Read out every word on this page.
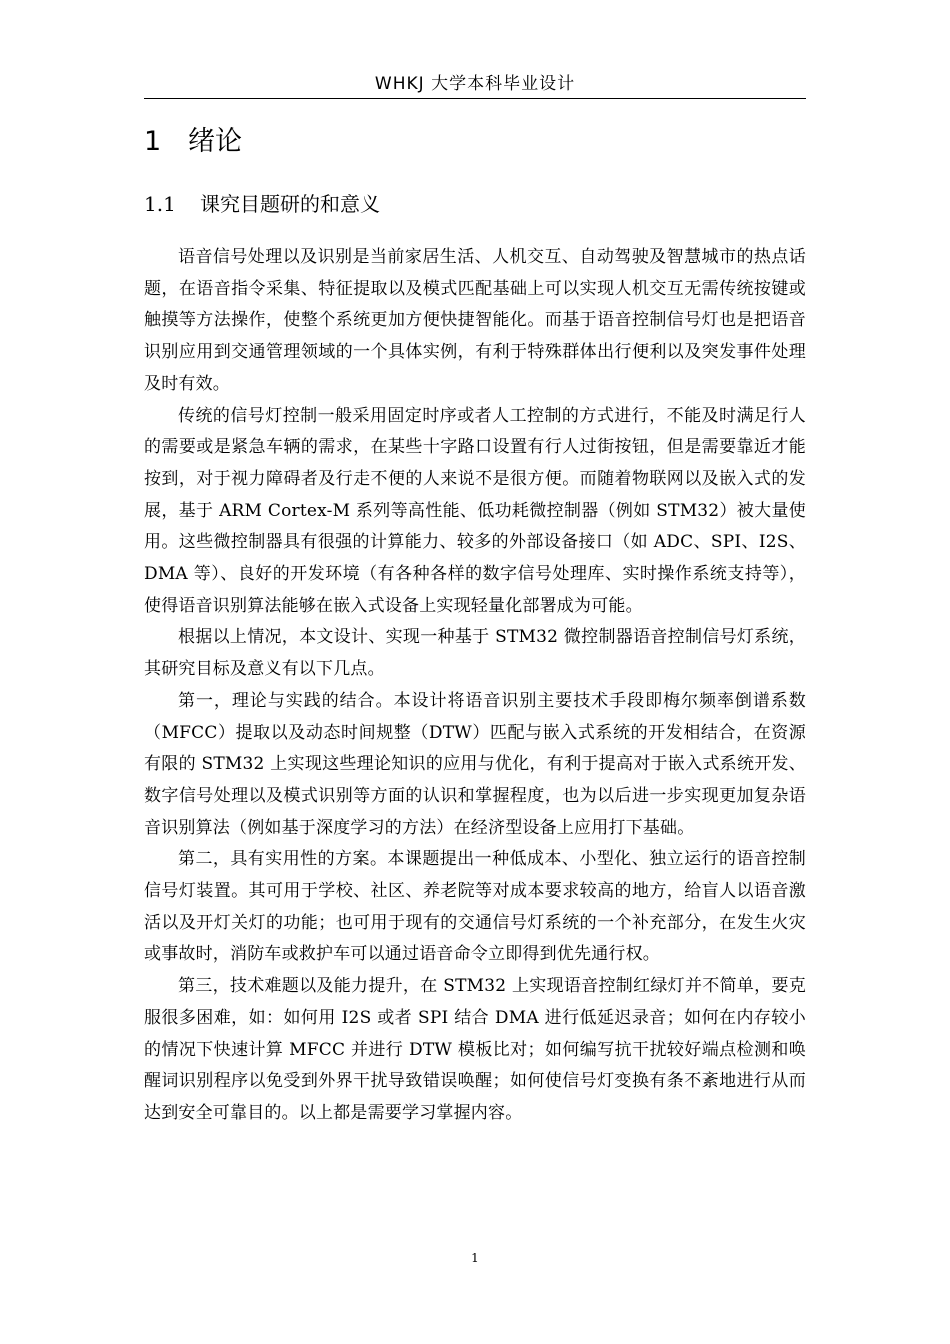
WHKJ 大学本科毕业设计
1 绪论
1.1 课究目题研的和意义

语音信号处理以及识别是当前家居生活、人机交互、自动驾驶及智慧城市的热点话题，在语音指令采集、特征提取以及模式匹配基础上可以实现人机交互无需传统按键或触摸等方法操作，使整个系统更加方便快捷智能化。而基于语音控制信号灯也是把语音识别应用到交通管理领域的一个具体实例，有利于特殊群体出行便利以及突发事件处理及时有效。

传统的信号灯控制一般采用固定时序或者人工控制的方式进行，不能及时满足行人的需要或是紧急车辆的需求，在某些十字路口设置有行人过街按钮，但是需要靠近才能按到，对于视力障碍者及行走不便的人来说不是很方便。而随着物联网以及嵌入式的发展，基于 ARM Cortex-M 系列等高性能、低功耗微控制器（例如 STM32）被大量使用。这些微控制器具有很强的计算能力、较多的外部设备接口（如 ADC、SPI、I2S、DMA 等）、良好的开发环境（有各种各样的数字信号处理库、实时操作系统支持等），使得语音识别算法能够在嵌入式设备上实现轻量化部署成为可能。

根据以上情况，本文设计、实现一种基于 STM32 微控制器语音控制信号灯系统，其研究目标及意义有以下几点。

第一，理论与实践的结合。本设计将语音识别主要技术手段即梅尔频率倒谱系数（MFCC）提取以及动态时间规整（DTW）匹配与嵌入式系统的开发相结合，在资源有限的 STM32 上实现这些理论知识的应用与优化，有利于提高对于嵌入式系统开发、数字信号处理以及模式识别等方面的认识和掌握程度，也为以后进一步实现更加复杂语音识别算法（例如基于深度学习的方法）在经济型设备上应用打下基础。

第二，具有实用性的方案。本课题提出一种低成本、小型化、独立运行的语音控制信号灯装置。其可用于学校、社区、养老院等对成本要求较高的地方，给盲人以语音激活以及开灯关灯的功能；也可用于现有的交通信号灯系统的一个补充部分，在发生火灾或事故时，消防车或救护车可以通过语音命令立即得到优先通行权。

第三，技术难题以及能力提升，在 STM32 上实现语音控制红绿灯并不简单，要克服很多困难，如：如何用 I2S 或者 SPI 结合 DMA 进行低延迟录音；如何在内存较小的情况下快速计算 MFCC 并进行 DTW 模板比对；如何编写抗干扰较好端点检测和唤醒词识别程序以免受到外界干扰导致错误唤醒；如何使信号灯变换有条不紊地进行从而达到安全可靠目的。以上都是需要学习掌握内容。

1
